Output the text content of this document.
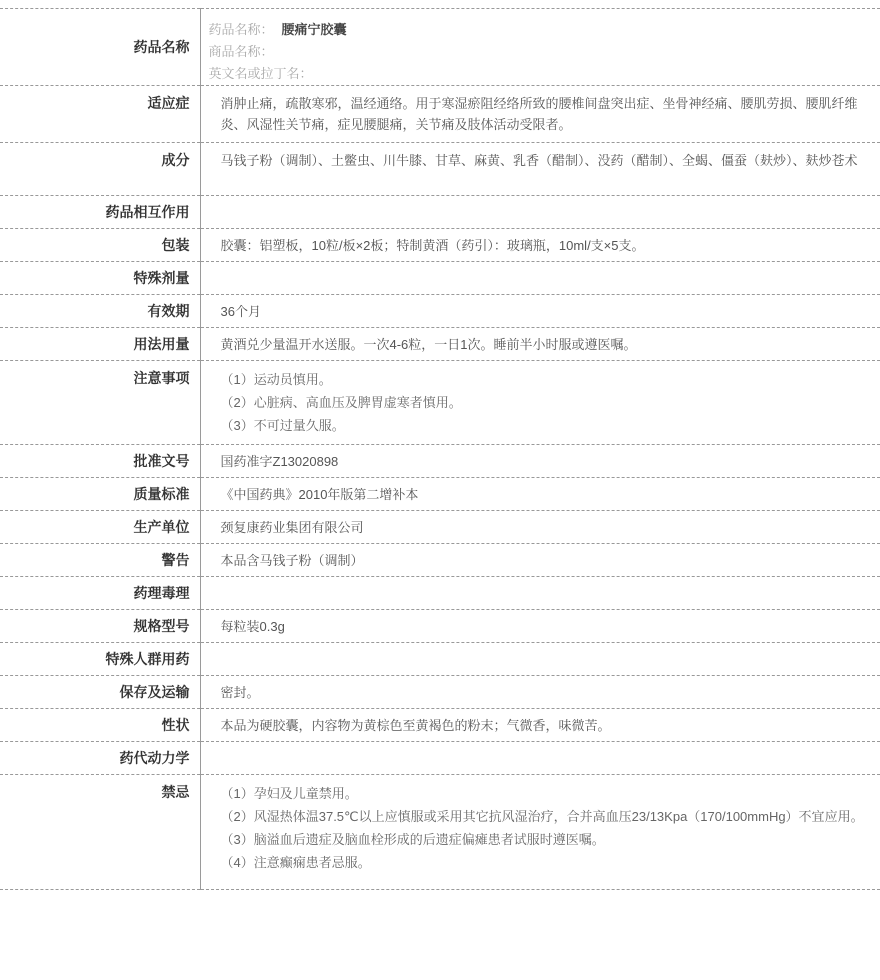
药品名称	药品名称： 腰痛宁胶囊
商品名称：
英文名或拉丁名：

适应症	消肿止痛，疏散寒邪，温经通络。用于寒湿瘀阻经络所致的腰椎间盘突出症、坐骨神经痛、腰肌劳损、腰肌纤维炎、风湿性关节痛，症见腰腿痛，关节痛及肢体活动受限者。
成分	马钱子粉（调制）、土鳖虫、川牛膝、甘草、麻黄、乳香（醋制）、没药（醋制）、全蝎、僵蚕（麸炒）、麸炒苍术
药品相互作用	
包装	胶囊：铝塑板，10粒/板×2板；特制黄酒（药引）：玻璃瓶，10ml/支×5支。
特殊剂量	
有效期	36个月
用法用量	黄酒兑少量温开水送服。一次4-6粒，一日1次。睡前半小时服或遵医嘱。
注意事项	（1）运动员慎用。
（2）心脏病、高血压及脾胃虚寒者慎用。
（3）不可过量久服。

批准文号	国药准字Z13020898
质量标准	《中国药典》2010年版第二增补本
生产单位	颈复康药业集团有限公司
警告	本品含马钱子粉（调制）
药理毒理	
规格型号	每粒装0.3g
特殊人群用药	
保存及运输	密封。
性状	本品为硬胶囊，内容物为黄棕色至黄褐色的粉末；气微香，味微苦。
药代动力学	
禁忌	（1）孕妇及儿童禁用。
（2）风湿热体温37.5℃以上应慎服或采用其它抗风湿治疗，合并高血压23/13Kpa（170/100mmHg）不宜应用。
（3）脑溢血后遗症及脑血栓形成的后遗症偏瘫患者试服时遵医嘱。
（4）注意癫痫患者忌服。
